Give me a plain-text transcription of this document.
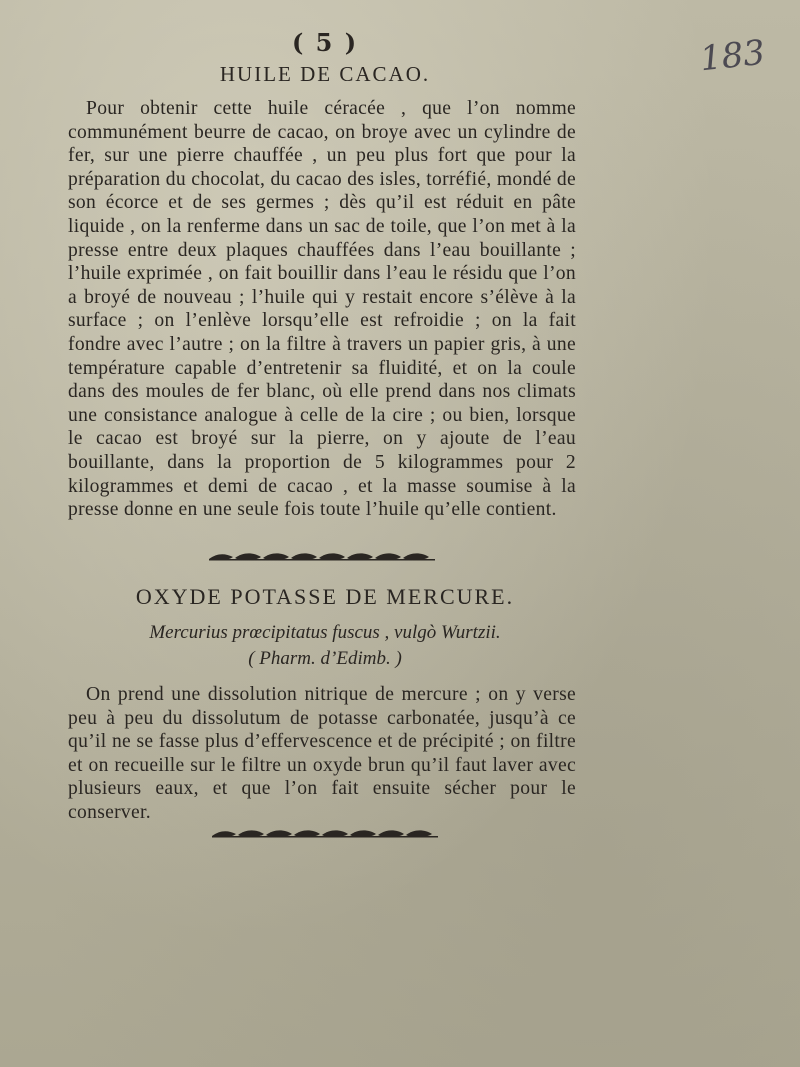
( 5 )	183
HUILE DE CACAO.
Pour obtenir cette huile céracée , que l’on nomme communément beurre de cacao, on broye avec un cylindre de fer, sur une pierre chauffée , un peu plus fort que pour la préparation du chocolat, du cacao des isles, torréfié, mondé de son écorce et de ses germes ; dès qu’il est réduit en pâte liquide , on la renferme dans un sac de toile, que l’on met à la presse entre deux plaques chauffées dans l’eau bouillante ; l’huile exprimée , on fait bouillir dans l’eau le résidu que l’on a broyé de nouveau ; l’huile qui y restait encore s’élève à la surface ; on l’enlève lorsqu’elle est refroidie ; on la fait fondre avec l’autre ; on la filtre à travers un papier gris, à une température capable d’entretenir sa fluidité, et on la coule dans des moules de fer blanc, où elle prend dans nos climats une consistance analogue à celle de la cire ; ou bien, lorsque le cacao est broyé sur la pierre, on y ajoute de l’eau bouillante, dans la proportion de 5 kilogrammes pour 2 kilogrammes et demi de cacao , et la masse soumise à la presse donne en une seule fois toute l’huile qu’elle contient.
OXYDE POTASSE DE MERCURE.
Mercurius prœcipitatus fuscus , vulgò Wurtzii.
( Pharm. d’Edimb. )
On prend une dissolution nitrique de mercure ; on y verse peu à peu du dissolutum de potasse carbonatée, jusqu’à ce qu’il ne se fasse plus d’effervescence et de précipité ; on filtre et on recueille sur le filtre un oxyde brun qu’il faut laver avec plusieurs eaux, et que l’on fait ensuite sécher pour le conserver.
